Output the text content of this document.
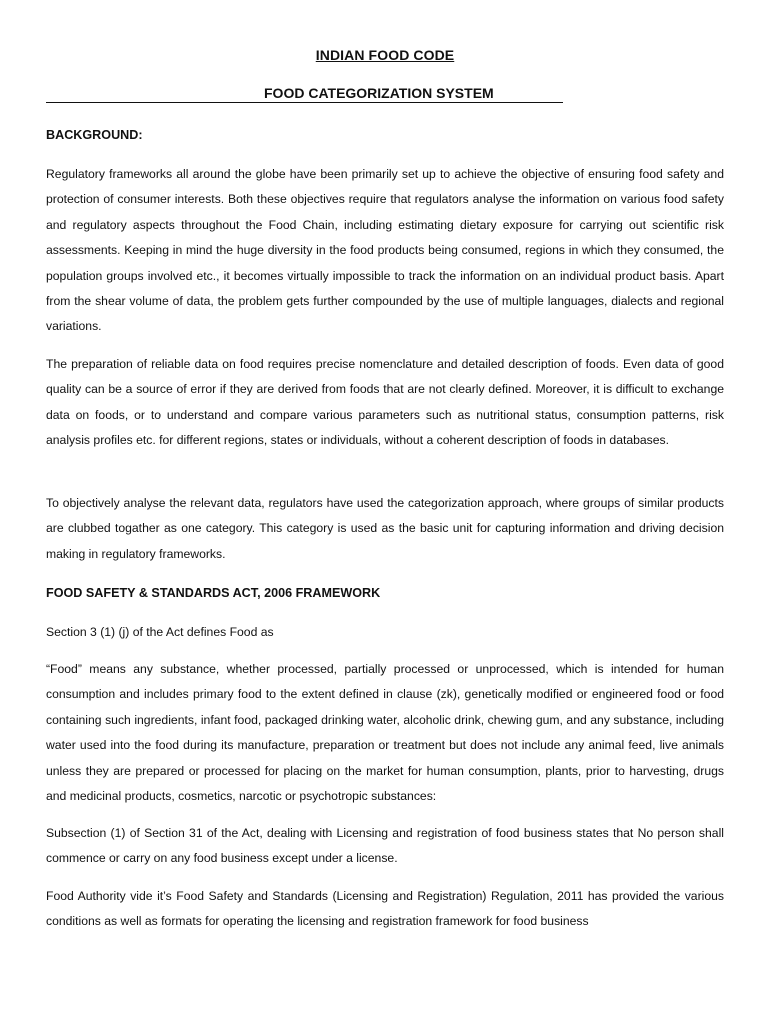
INDIAN FOOD CODE
FOOD CATEGORIZATION SYSTEM
BACKGROUND:
Regulatory frameworks all around the globe have been primarily set up to achieve the objective of ensuring food safety and protection of consumer interests. Both these objectives require that regulators analyse the information on various food safety and regulatory aspects throughout the Food Chain, including estimating dietary exposure for carrying out scientific risk assessments. Keeping in mind the huge diversity in the food products being consumed, regions in which they consumed, the population groups involved etc., it becomes virtually impossible to track the information on an individual product basis. Apart from the shear volume of data, the problem gets further compounded by the use of multiple languages, dialects and regional variations.
The preparation of reliable data on food requires precise nomenclature and detailed description of foods. Even data of good quality can be a source of error if they are derived from foods that are not clearly defined. Moreover, it is difficult to exchange data on foods, or to understand and compare various parameters such as nutritional status, consumption patterns, risk analysis profiles etc. for different regions, states or individuals, without a coherent description of foods in databases.
To objectively analyse the relevant data, regulators have used the categorization approach, where groups of similar products are clubbed togather as one category. This category is used as the basic unit for capturing information and driving decision making in regulatory frameworks.
FOOD SAFETY & STANDARDS ACT, 2006 FRAMEWORK
Section 3 (1) (j) of the Act defines Food as
“Food” means any substance, whether processed, partially processed or unprocessed, which is intended for human consumption and includes primary food to the extent defined in clause (zk), genetically modified or engineered food or food containing such ingredients, infant food, packaged drinking water, alcoholic drink, chewing gum, and any substance, including water used into the food during its manufacture, preparation or treatment but does not include any animal feed, live animals unless they are prepared or processed for placing on the market for human consumption, plants, prior to harvesting, drugs and medicinal products, cosmetics, narcotic or psychotropic substances:
Subsection (1) of Section 31 of the Act, dealing with Licensing and registration of food business states that No person shall commence or carry on any food business except under a license.
Food Authority vide it’s Food Safety and Standards (Licensing and Registration) Regulation, 2011 has provided the various conditions as well as formats for operating the licensing and registration framework for food business
